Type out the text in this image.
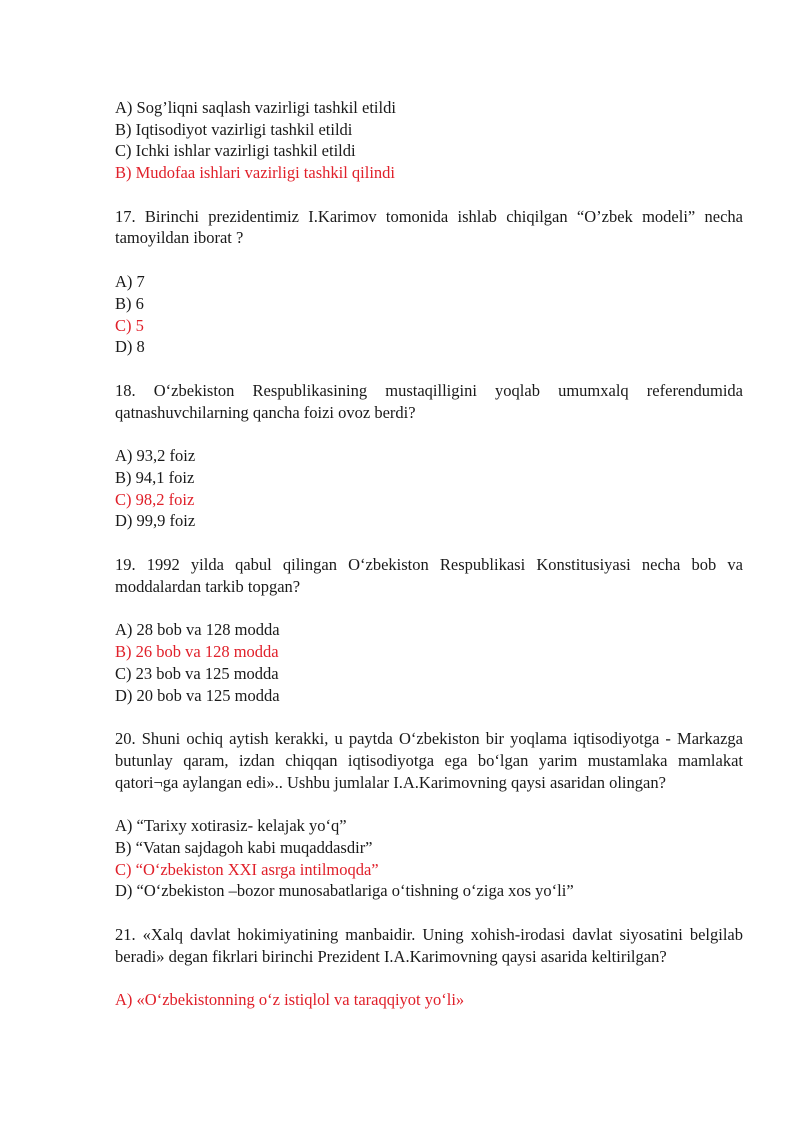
A) Sog’liqni saqlash vazirligi tashkil etildi
B) Iqtisodiyot vazirligi tashkil etildi
C) Ichki ishlar vazirligi tashkil etildi
B) Mudofaa ishlari vazirligi tashkil qilindi
17. Birinchi prezidentimiz I.Karimov tomonida ishlab chiqilgan “O’zbek modeli” necha tamoyildan iborat ?
A) 7
B) 6
C) 5
D) 8
18. O‘zbekiston Respublikasining mustaqilligini yoqlab umumxalq referendumida qatnashuvchilarning qancha foizi ovoz berdi?
A) 93,2 foiz
B) 94,1 foiz
C) 98,2 foiz
D) 99,9 foiz
19. 1992 yilda qabul qilingan O‘zbekiston Respublikasi Konstitusiyasi necha bob va moddalardan tarkib topgan?
A) 28 bob va 128 modda
B) 26 bob va 128 modda
C) 23 bob va 125 modda
D) 20 bob va 125 modda
20. Shuni ochiq aytish kerakki, u paytda O‘zbekiston bir yoqlama iqtisodiyotga - Markazga butunlay qaram, izdan chiqqan iqtisodiyotga ega bo‘lgan yarim mustamlaka mamlakat qatori¬ga aylangan edi».. Ushbu jumlalar I.A.Karimovning qaysi asaridan olingan?
A) “Tarixy xotirasiz- kelajak yo‘q”
B) “Vatan sajdagoh kabi muqaddasdir”
C) “O‘zbekiston XXI asrga intilmoqda”
D) “O‘zbekiston –bozor munosabatlariga o‘tishning o‘ziga xos yo‘li”
21. «Xalq davlat hokimiyatining manbaidir. Uning xohish-irodasi davlat siyosatini belgilab beradi» degan fikrlari birinchi Prezident I.A.Karimovning qaysi asarida keltirilgan?
A) «O‘zbekistonning o‘z istiqlol va taraqqiyot yo‘li»
